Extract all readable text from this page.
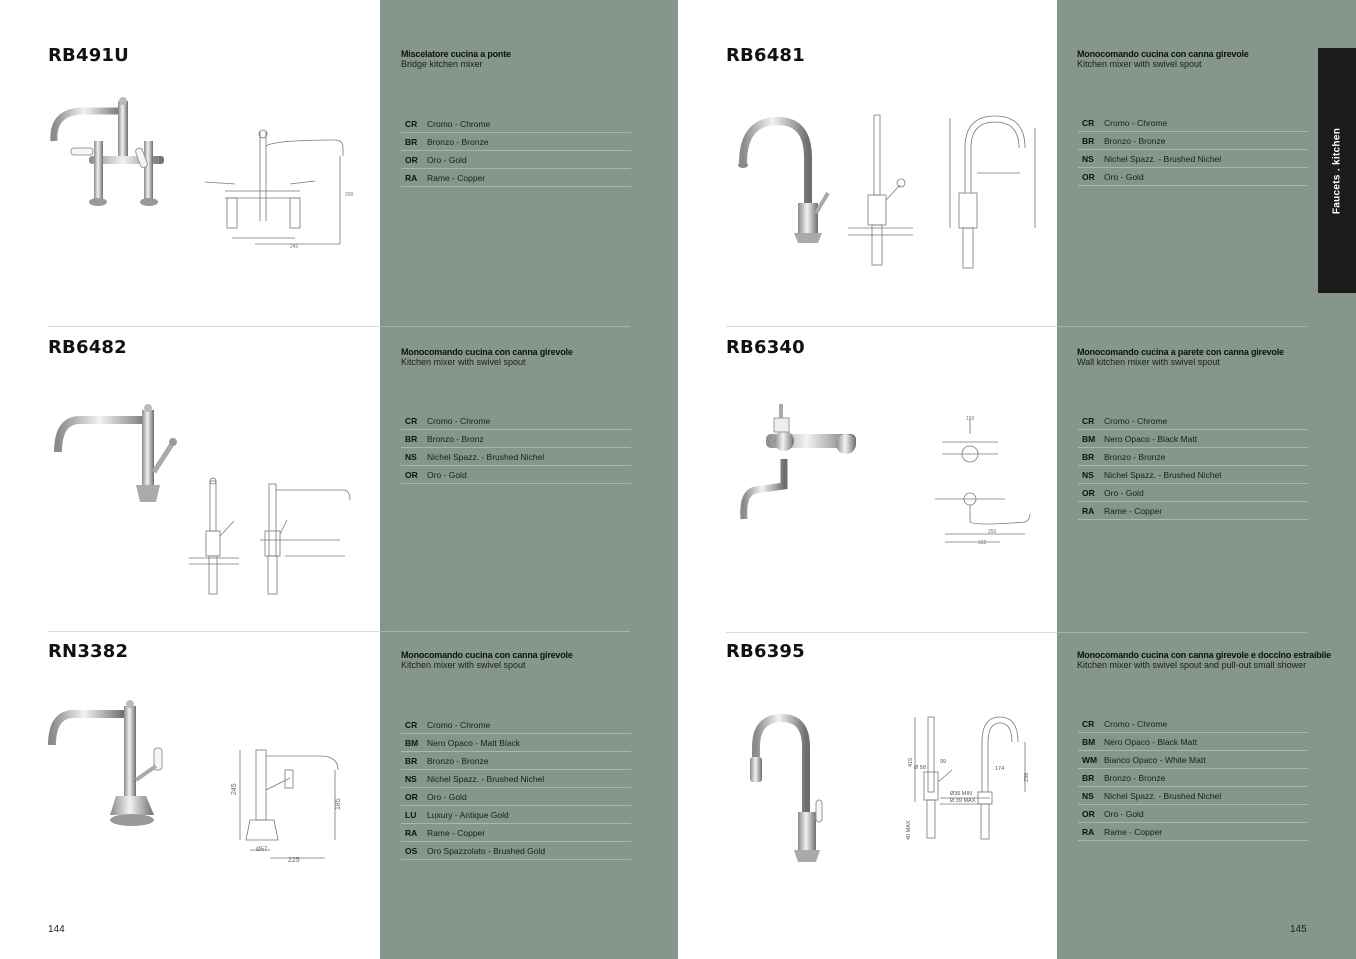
Faucets . kitchen
RB491U	Miscelatore cucina a ponte
Bridge kitchen mixer
CR	Cromo - Chrome
BR	Bronzo - Bronze
OR	Oro - Gold
RA	Rame - Copper
245
200
RB6481	Monocomando cucina con canna girevole
Kitchen mixer with swivel spout
CR	Cromo - Chrome
BR	Bronzo - Bronze
NS	Nichel Spazz. - Brushed Nichel
OR	Oro - Gold
RB6482	Monocomando cucina con canna girevole
Kitchen mixer with swivel spout
CR	Cromo - Chrome
BR	Bronzo - Bronz
NS	Nichel Spazz. - Brushed Nichel
OR	Oro - Gold
RB6340	Monocomando cucina a parete con canna girevole
Wall kitchen mixer with swivel spout
CR	Cromo - Chrome
BM	Nero Opaco - Black Matt
BR	Bronzo - Bronze
NS	Nichel Spazz. - Brushed Nichel
OR	Oro - Gold
RA	Rame - Copper
150
250
312
RN3382	Monocomando cucina con canna girevole
Kitchen mixer with swivel spout
CR	Cromo - Chrome
BM	Nero Opaco - Matt Black
BR	Bronzo - Bronze
NS	Nichel Spazz. - Brushed Nichel
OR	Oro - Gold
LU	Luxury - Antique Gold
RA	Rame - Copper
OS	Oro Spazzolato - Brushed Gold
245
185
225
Ø57
RB6395	Monocomando cucina con canna girevole e doccino estraibile
Kitchen mixer with swivel spout and pull-out small shower
CR	Cromo - Chrome
BM	Nero Opaco - Black Matt
WM Bianco Opaco - White Matt
BR	Bronzo - Bronze
NS	Nichel Spazz. - Brushed Nichel
OR	Oro - Gold
RA	Rame - Copper
415
Ø 58
99
174
238
Ø36 MIN
Ø 39 MAX
40 MAX
144	145
